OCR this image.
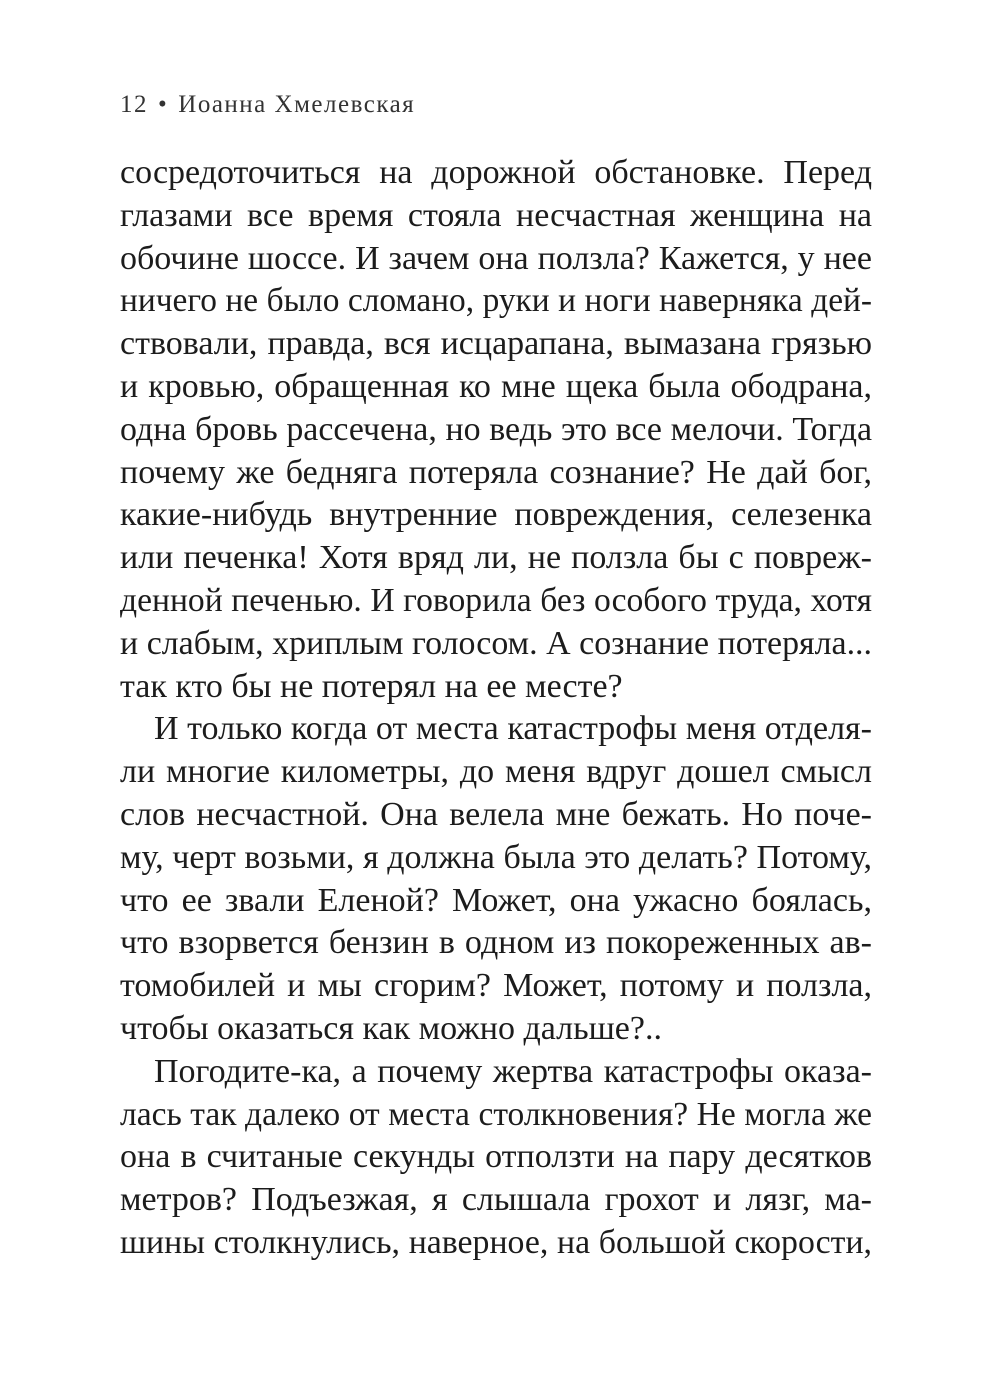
12 • Иоанна Хмелевская
сосредоточиться на дорожной обстановке. Перед
глазами все время стояла несчастная женщина на
обочине шоссе. И зачем она ползла? Кажется, у нее
ничего не было сломано, руки и ноги наверняка дей-
ствовали, правда, вся исцарапана, вымазана грязью
и кровью, обращенная ко мне щека была ободрана,
одна бровь рассечена, но ведь это все мелочи. Тогда
почему же бедняга потеряла сознание? Не дай бог,
какие-нибудь внутренние повреждения, селезенка
или печенка! Хотя вряд ли, не ползла бы с повреж-
денной печенью. И говорила без особого труда, хотя
и слабым, хриплым голосом. А сознание потеряла...
так кто бы не потерял на ее месте?
И только когда от места катастрофы меня отделя-
ли многие километры, до меня вдруг дошел смысл
слов несчастной. Она велела мне бежать. Но поче-
му, черт возьми, я должна была это делать? Потому,
что ее звали Еленой? Может, она ужасно боялась,
что взорвется бензин в одном из покореженных ав-
томобилей и мы сгорим? Может, потому и ползла,
чтобы оказаться как можно дальше?..
Погодите-ка, а почему жертва катастрофы оказа-
лась так далеко от места столкновения? Не могла же
она в считаные секунды отползти на пару десятков
метров? Подъезжая, я слышала грохот и лязг, ма-
шины столкнулись, наверное, на большой скорости,
